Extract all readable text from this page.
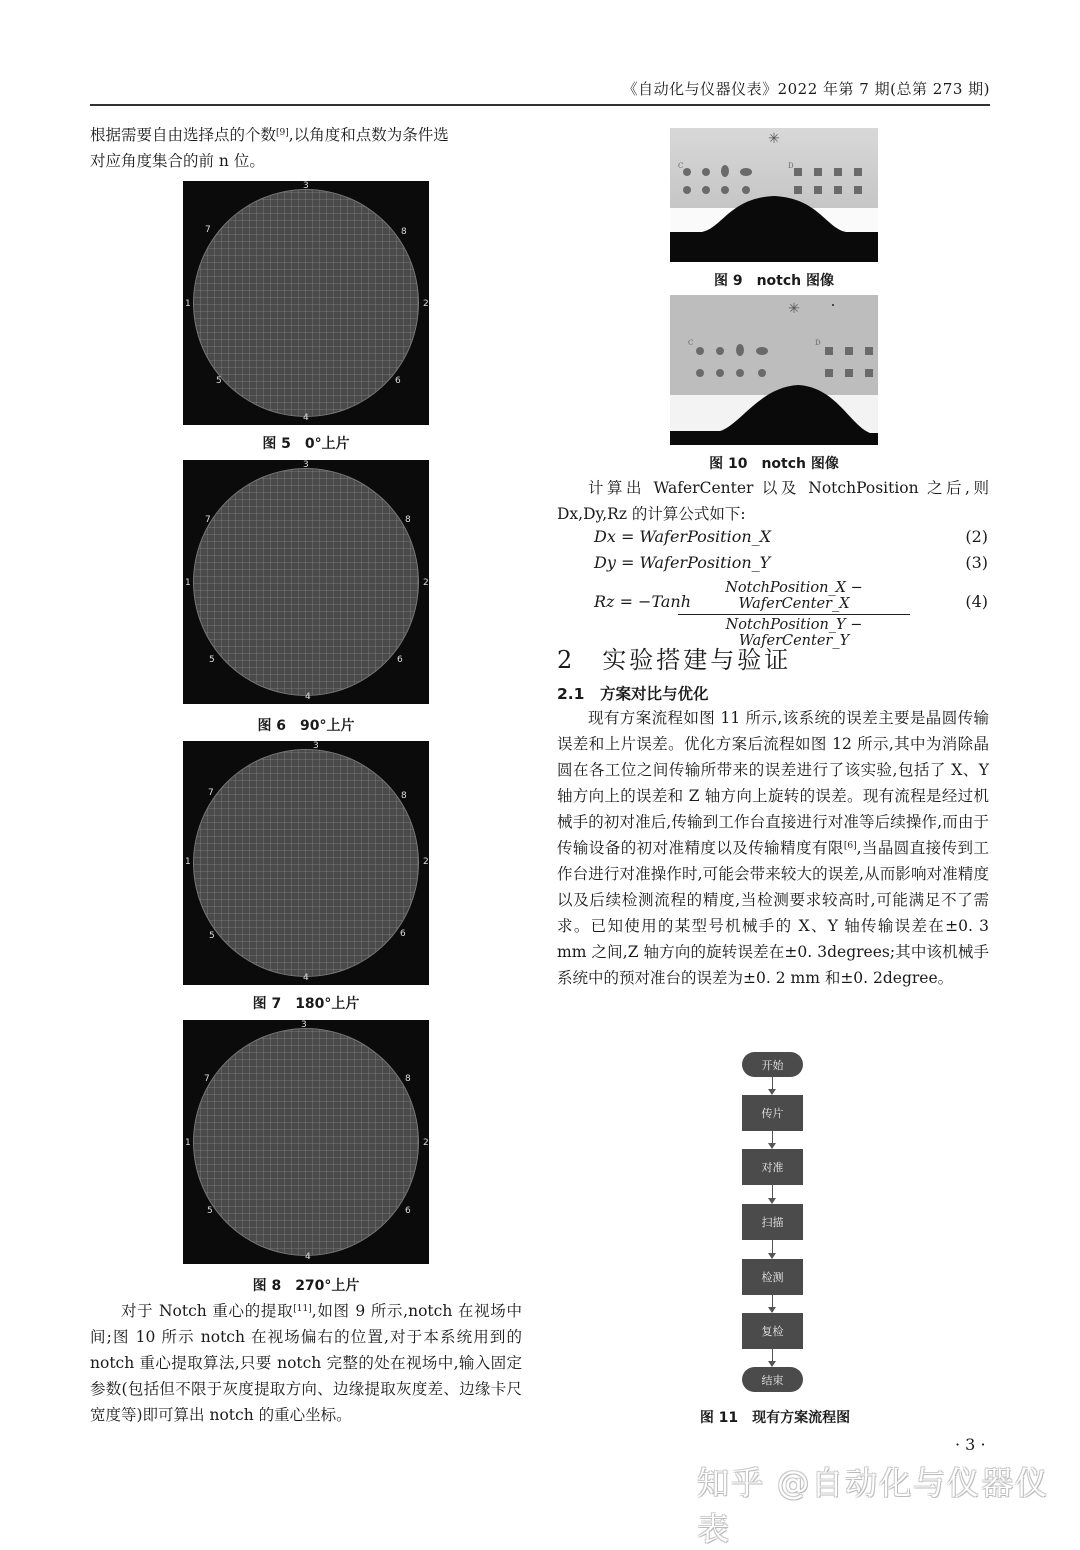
《自动化与仪器仪表》2022 年第 7 期(总第 273 期)

根据需要自由选择点的个数[9],以角度和点数为条件选

对应角度集合的前 n 位。

3
4
1	2
7	8
5	6
图 5　0°上片
3
4
1	2
7	8
5	6
图 6　90°上片
3
4
1	2
7	8
5	6
图 7　180°上片
3
4
1	2
7	8
5	6
图 8　270°上片
对于 Notch 重心的提取[11],如图 9 所示,notch 在视场中间;图 10 所示 notch 在视场偏右的位置,对于本系统用到的 notch 重心提取算法,只要 notch 完整的处在视场中,输入固定参数(包括但不限于灰度提取方向、边缘提取灰度差、边缘卡尺宽度等)即可算出 notch 的重心坐标。
✳
C	D
图 9　notch 图像
✳
C	D
图 10　notch 图像
计算出 WaferCenter 以及 NotchPosition 之后,则 Dx,Dy,Rz 的计算公式如下:
Dx = WaferPosition_X	(2)
Dy = WaferPosition_Y	(3)
Rz = −Tanh
NotchPosition_X − WaferCenter_X
NotchPosition_Y − WaferCenter_Y
(4)
2　实验搭建与验证
2.1　方案对比与优化
现有方案流程如图 11 所示,该系统的误差主要是晶圆传输误差和上片误差。优化方案后流程如图 12 所示,其中为消除晶圆在各工位之间传输所带来的误差进行了该实验,包括了 X、Y 轴方向上的误差和 Z 轴方向上旋转的误差。现有流程是经过机械手的初对准后,传输到工作台直接进行对准等后续操作,而由于传输设备的初对准精度以及传输精度有限[6],当晶圆直接传到工作台进行对准操作时,可能会带来较大的误差,从而影响对准精度以及后续检测流程的精度,当检测要求较高时,可能满足不了需求。已知使用的某型号机械手的 X、Y 轴传输误差在±0. 3 mm 之间,Z 轴方向的旋转误差在±0. 3degrees;其中该机械手系统中的预对准台的误差为±0. 2 mm 和±0. 2degree。
开始
传片
对准
扫描
检测
复检
结束
图 11　现有方案流程图
· 3 ·
知乎 @自动化与仪器仪表
